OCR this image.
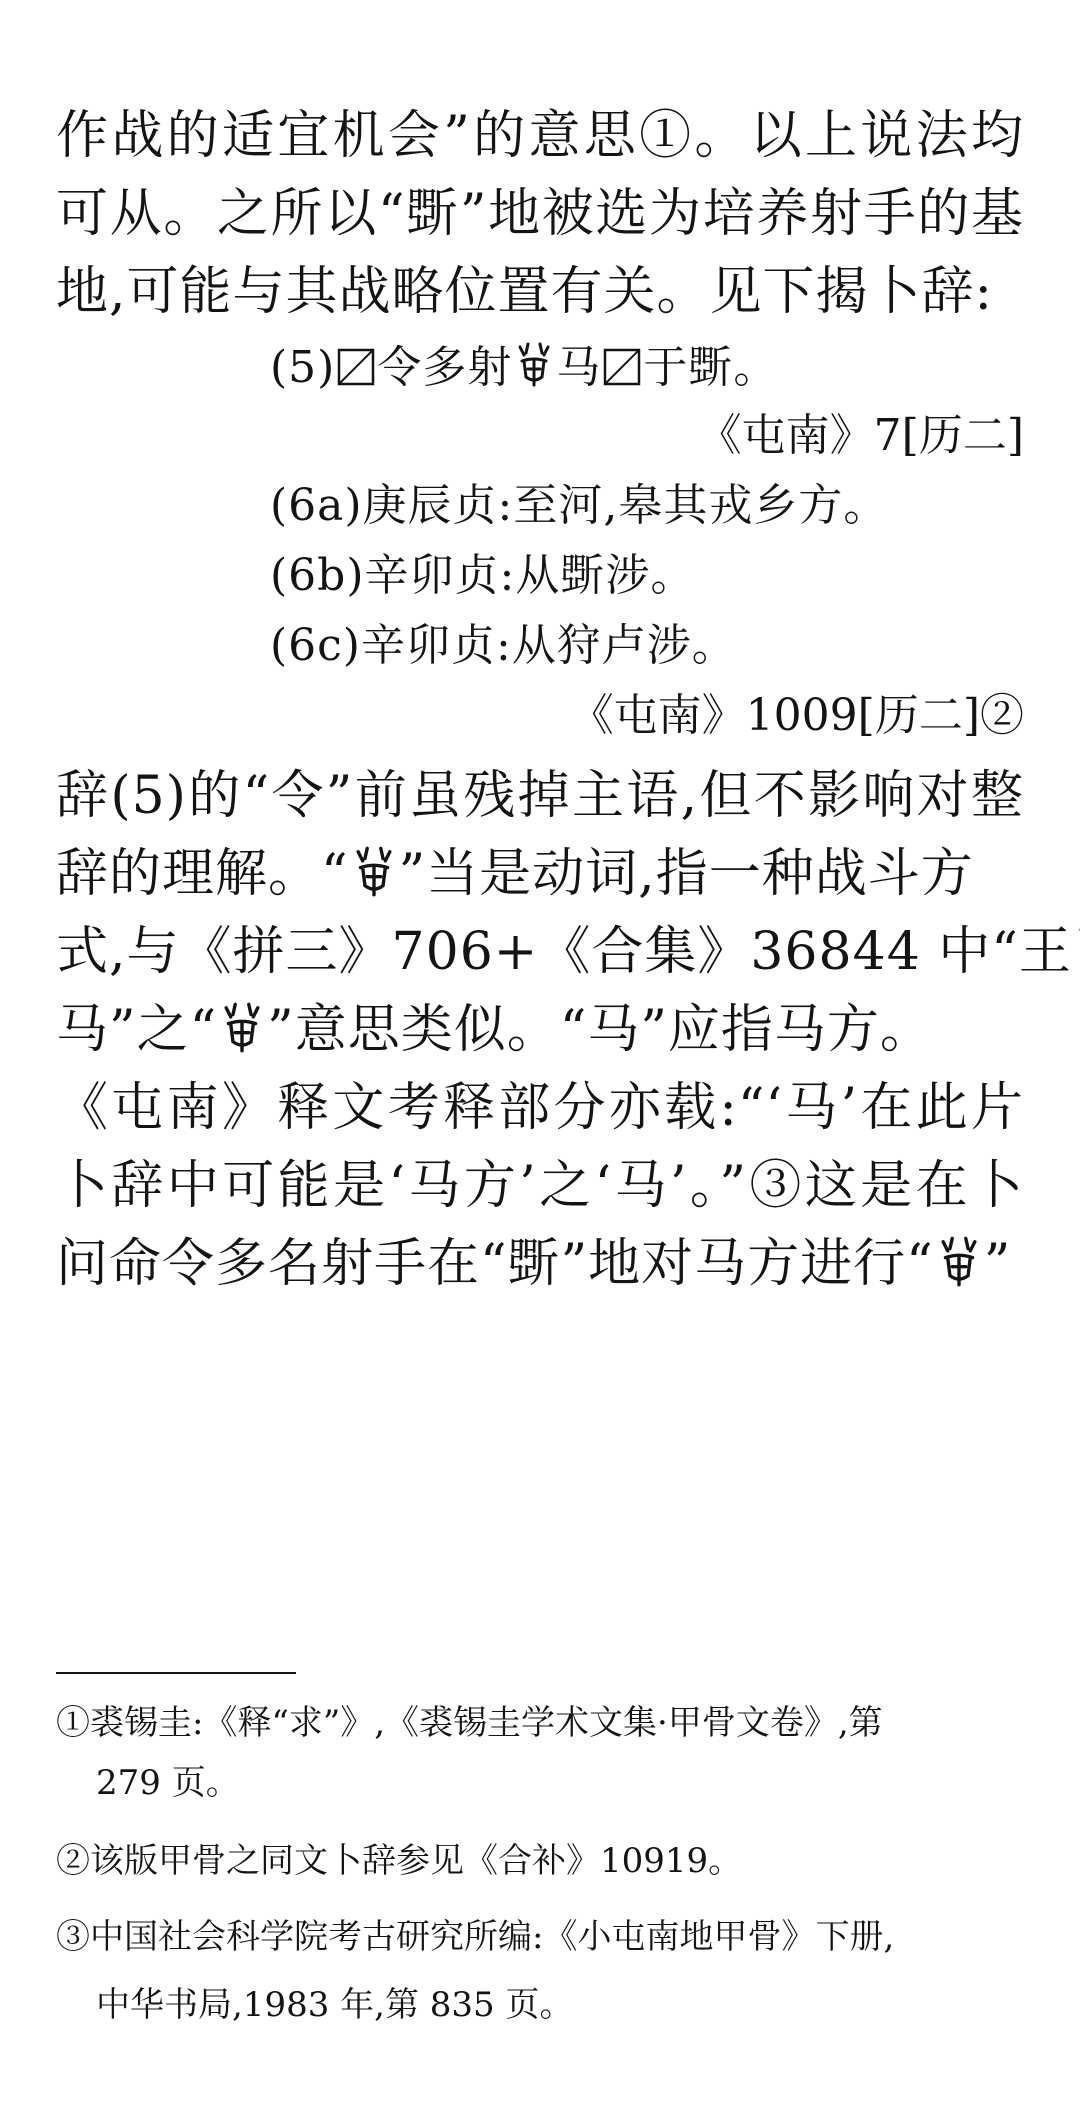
作战的适宜机会”的意思①。以上说法均
可从。之所以“斲”地被选为培养射手的基
地,可能与其战略位置有关。见下揭卜辞:
(5) 令多射 马 于斲。
《屯南》7[历二]
(6a)庚辰贞:至河,皋其戎乡方。
(6b)辛卯贞:从斲涉。
(6c)辛卯贞:从狩卢涉。
《屯南》1009[历二]②
辞(5)的“令”前虽残掉主语,但不影响对整
辞的理解。“ ”当是动词,指一种战斗方
式,与《拼三》706+《合集》36844 中“王
马”之“ ”意思类似。“马”应指马方。
《屯南》释文考释部分亦载:“‘马’在此片
卜辞中可能是‘马方’之‘马’。”③这是在卜
问命令多名射手在“斲”地对马方进行“ ”
①裘锡圭:《释“求”》,《裘锡圭学术文集·甲骨文卷》,第
279 页。
②该版甲骨之同文卜辞参见《合补》10919。
③中国社会科学院考古研究所编:《小屯南地甲骨》下册,
中华书局,1983 年,第 835 页。
